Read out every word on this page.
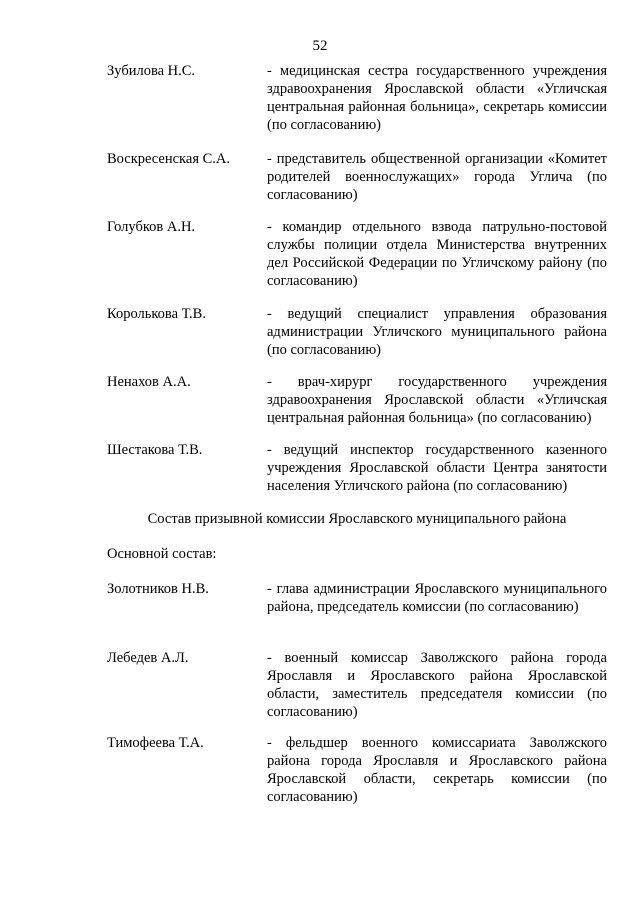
52
Зубилова Н.С.	- медицинская сестра государственного учреждения здравоохранения Ярославской области «Угличская центральная районная больница», секретарь комиссии (по согласованию)
Воскресенская С.А.	- представитель общественной организации «Комитет родителей военнослужащих» города Углича (по согласованию)
Голубков А.Н.	- командир отдельного взвода патрульно-постовой службы полиции отдела Министерства внутренних дел Российской Федерации по Угличскому району (по согласованию)
Королькова Т.В.	- ведущий специалист управления образования администрации Угличского муниципального района (по согласованию)
Ненахов А.А.	- врач-хирург государственного учреждения здравоохранения Ярославской области «Угличская центральная районная больница» (по согласованию)
Шестакова Т.В.	- ведущий инспектор государственного казенного учреждения Ярославской области Центра занятости населения Угличского района (по согласованию)
Состав призывной комиссии Ярославского муниципального района
Основной состав:
Золотников Н.В.	- глава администрации Ярославского муниципального района, председатель комиссии (по согласованию)
Лебедев А.Л.	- военный комиссар Заволжского района города Ярославля и Ярославского района Ярославской области, заместитель председателя комиссии (по согласованию)
Тимофеева Т.А.	- фельдшер военного комиссариата Заволжского района города Ярославля и Ярославского района Ярославской области, секретарь комиссии (по согласованию)
